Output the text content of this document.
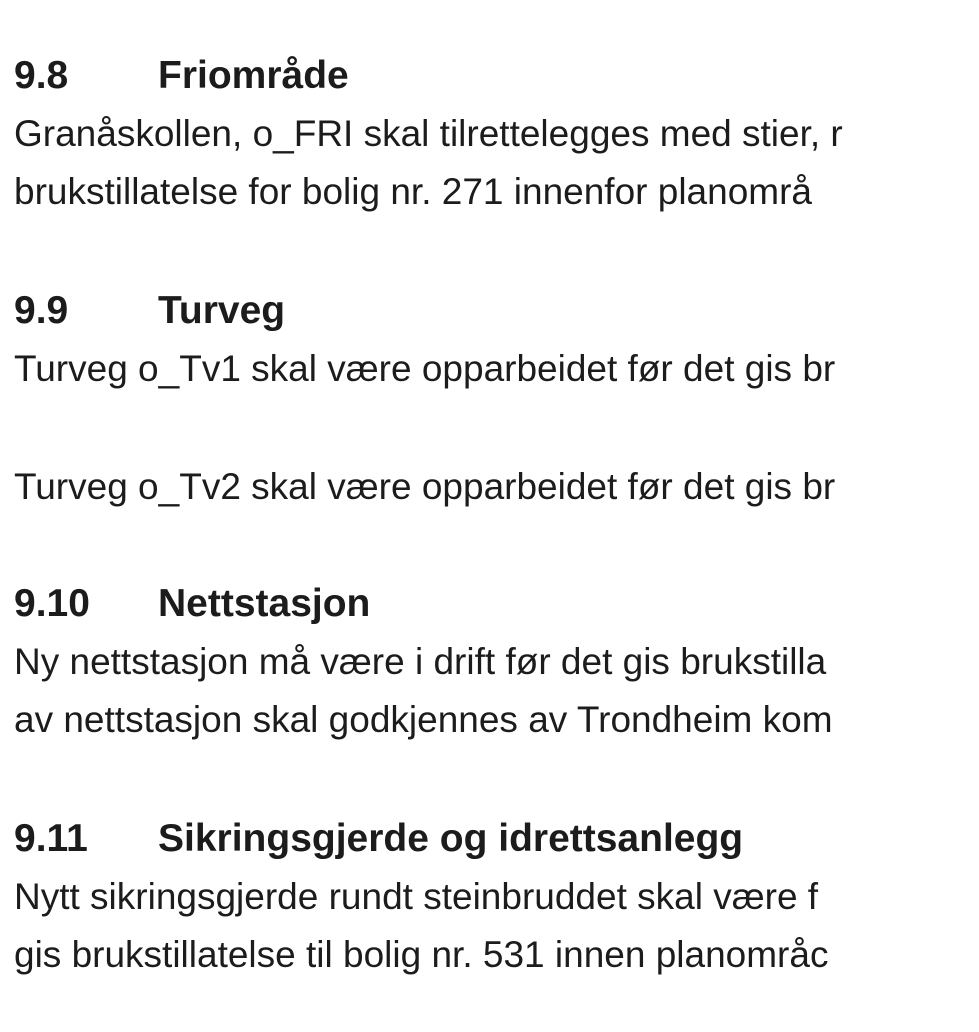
9.8 Friområde
Granåskollen, o_FRI skal tilrettelegges med stier, r
brukstillatelse for bolig nr. 271 innenfor planområ
9.9 Turveg
Turveg o_Tv1 skal være opparbeidet før det gis br
Turveg o_Tv2 skal være opparbeidet før det gis br
9.10 Nettstasjon
Ny nettstasjon må være i drift før det gis brukstilla
av nettstasjon skal godkjennes av Trondheim kom
9.11 Sikringsgjerde og idrettsanlegg
Nytt sikringsgjerde rundt steinbruddet skal være f
gis brukstillatelse til bolig nr. 531 innen planområc
